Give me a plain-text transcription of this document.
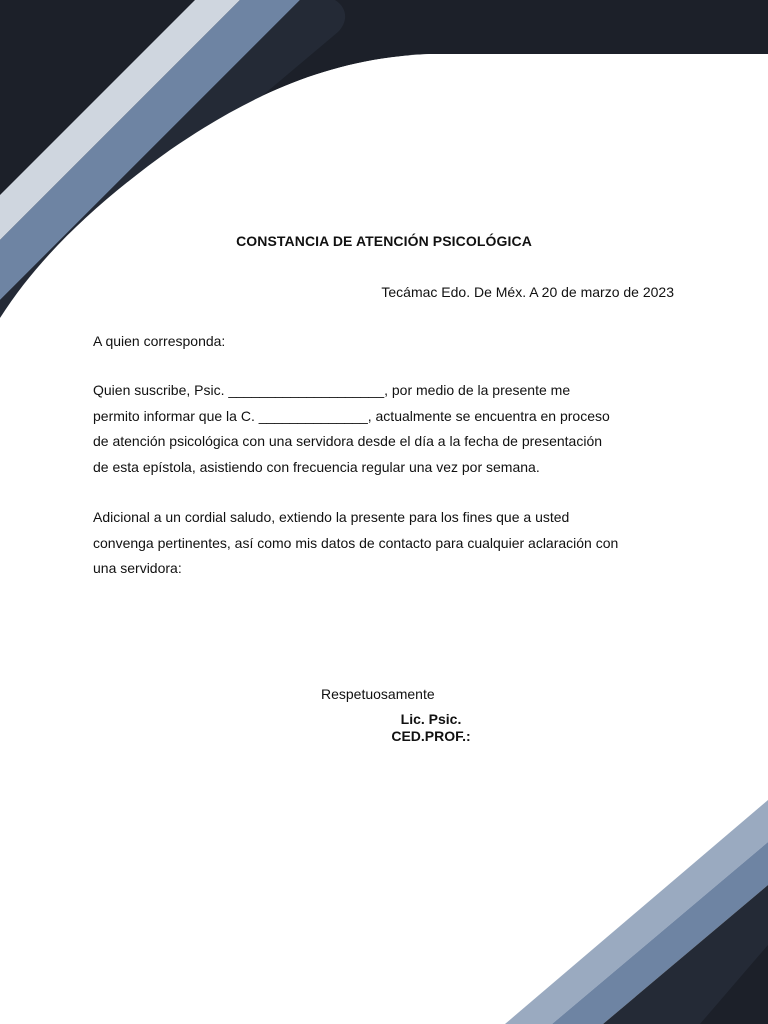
CONSTANCIA DE ATENCIÓN PSICOLÓGICA
Tecámac Edo. De Méx. A 20 de marzo de 2023
A quien corresponda:
Quien suscribe, Psic. ____________________, por medio de la presente me
permito informar que la C. ______________, actualmente se encuentra en proceso
de atención psicológica con una servidora desde el día a la fecha de presentación
de esta epístola, asistiendo con frecuencia regular una vez por semana.
Adicional a un cordial saludo, extiendo la presente para los fines que a usted
convenga pertinentes, así como mis datos de contacto para cualquier aclaración con
una servidora:
Respetuosamente
Lic. Psic.
CED.PROF.:
